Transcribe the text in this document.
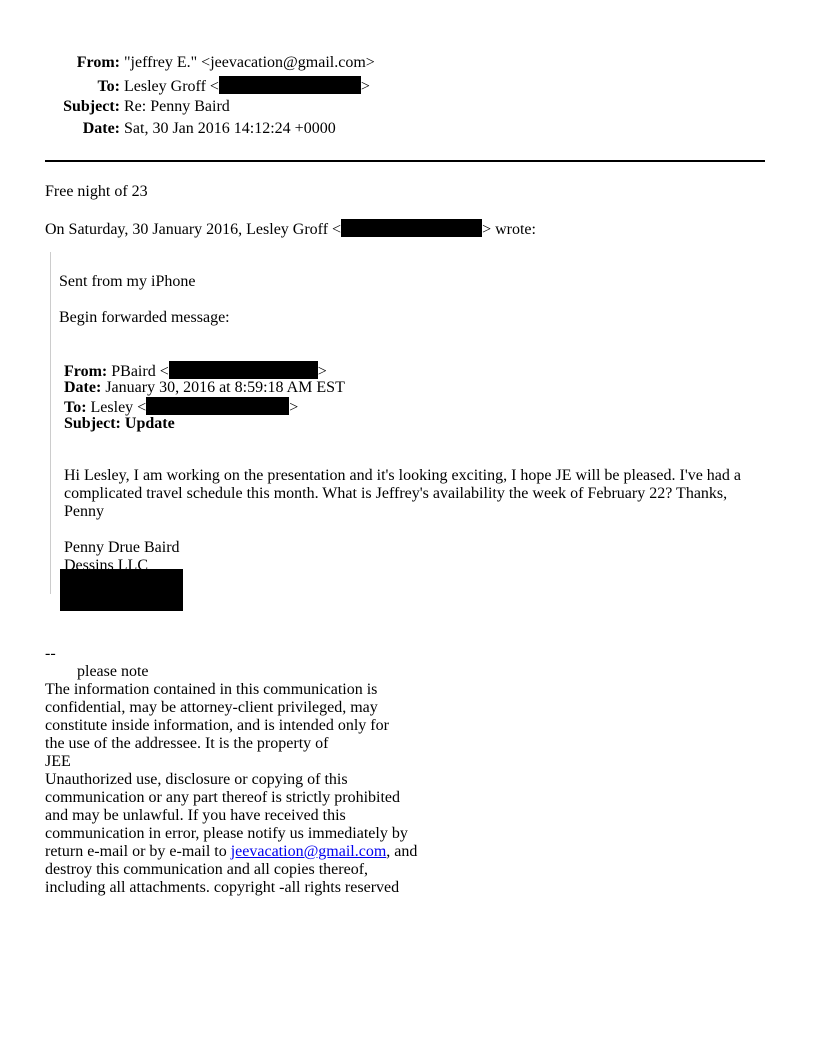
From: "jeffrey E." <jeevacation@gmail.com>
To: Lesley Groff <	>
Subject: Re: Penny Baird
Date: Sat, 30 Jan 2016 14:12:24 +0000
Free night of 23
On Saturday, 30 January 2016, Lesley Groff <	> wrote:
Sent from my iPhone
Begin forwarded message:
From: PBaird <	>
Date: January 30, 2016 at 8:59:18 AM EST
To: Lesley <	>
Subject: Update
Hi Lesley, I am working on the presentation and it's looking exciting, I hope JE will be pleased. I've had a
complicated travel schedule this month. What is Jeffrey's availability the week of February 22? Thanks,
Penny
Penny Drue Baird
Dessins LLC
--
please note
The information contained in this communication is
confidential, may be attorney-client privileged, may
constitute inside information, and is intended only for
the use of the addressee. It is the property of
JEE
Unauthorized use, disclosure or copying of this
communication or any part thereof is strictly prohibited
and may be unlawful. If you have received this
communication in error, please notify us immediately by
return e-mail or by e-mail to jeevacation@gmail.com, and
destroy this communication and all copies thereof,
including all attachments. copyright -all rights reserved
